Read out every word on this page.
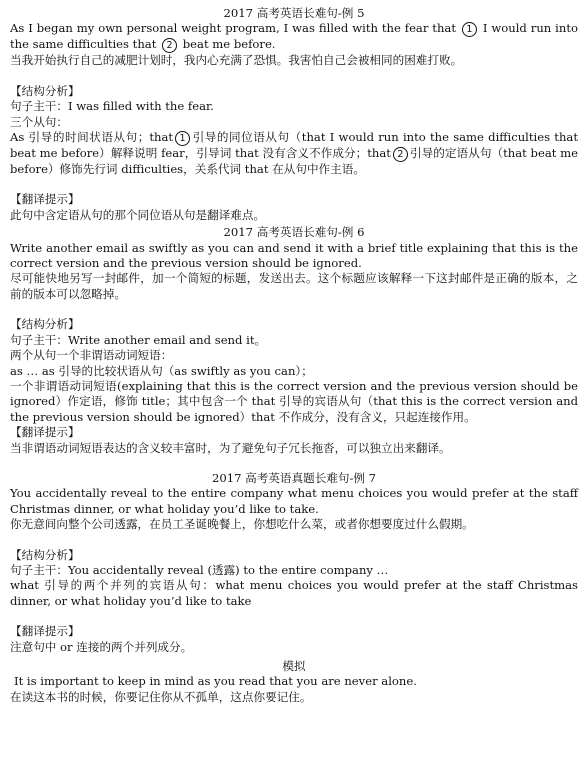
2017 高考英语长难句-例 5

As I began my own personal weight program, I was filled with the fear that 1 I would run into the same difficulties that 2 beat me before.

当我开始执行自己的减肥计划时，我内心充满了恐惧。我害怕自己会被相同的困难打败。

【结构分析】

句子主干：I was filled with the fear.

三个从句：

As 引导的时间状语从句；that 1 引导的同位语从句（that I would run into the same difficulties that beat me before）解释说明 fear，引导词 that 没有含义不作成分；that 2 引导的定语从句（that beat me before）修饰先行词 difficulties，关系代词 that 在从句中作主语。

【翻译提示】

此句中含定语从句的那个同位语从句是翻译难点。

2017 高考英语长难句-例 6

Write another email as swiftly as you can and send it with a brief title explaining that this is the correct version and the previous version should be ignored.

尽可能快地另写一封邮件，加一个简短的标题，发送出去。这个标题应该解释一下这封邮件是正确的版本，之前的版本可以忽略掉。

【结构分析】

句子主干：Write another email and send it。

两个从句一个非谓语动词短语：

as … as 引导的比较状语从句（as swiftly as you can）；

一个非谓语动词短语(explaining that this is the correct version and the previous version should be ignored）作定语，修饰 title；其中包含一个 that 引导的宾语从句（that this is the correct version and the previous version should be ignored）that 不作成分，没有含义，只起连接作用。

【翻译提示】

当非谓语动词短语表达的含义较丰富时，为了避免句子冗长拖沓，可以独立出来翻译。

2017 高考英语真题长难句-例 7

You accidentally reveal to the entire company what menu choices you would prefer at the staff Christmas dinner, or what holiday you’d like to take.

你无意间向整个公司透露，在员工圣诞晚餐上，你想吃什么菜，或者你想要度过什么假期。

【结构分析】

句子主干：You accidentally reveal (透露) to the entire company …

what 引导的两个并列的宾语从句：what menu choices you would prefer at the staff Christmas dinner, or what holiday you’d like to take

【翻译提示】

注意句中 or 连接的两个并列成分。

模拟

It is important to keep in mind as you read that you are never alone.

在读这本书的时候，你要记住你从不孤单，这点你要记住。
